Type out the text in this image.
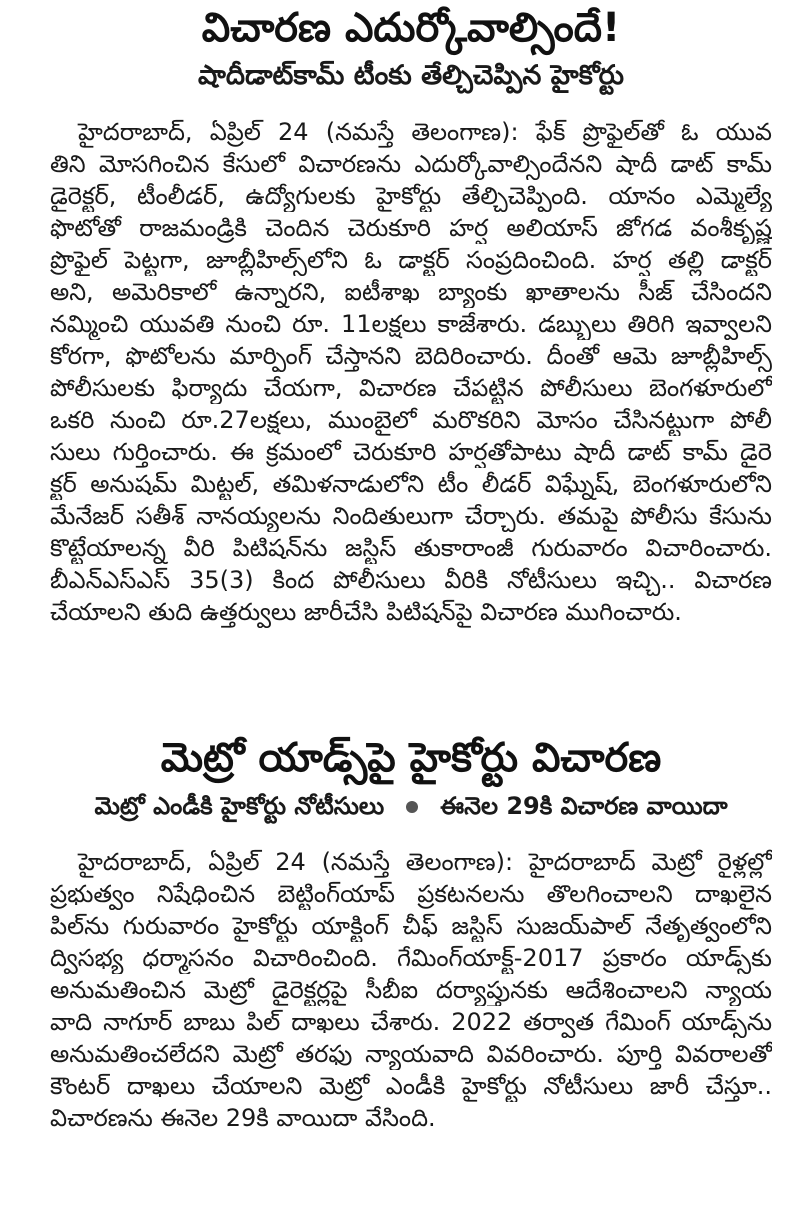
విచారణ ఎదుర్కోవాల్సిందే!
షాదీడాట్‌కామ్ టీంకు తేల్చిచెప్పిన హైకోర్టు
హైదరాబాద్, ఏప్రిల్ 24 (నమస్తే తెలంగాణ): ఫేక్ ప్రొఫైల్‌తో ఓ యువ
తిని మోసగించిన కేసులో విచారణను ఎదుర్కోవాల్సిందేనని షాదీ డాట్ కామ్
డైరెక్టర్, టీంలీడర్, ఉద్యోగులకు హైకోర్టు తేల్చిచెప్పింది. యానం ఎమ్మెల్యే
ఫొటోతో రాజమండ్రికి చెందిన చెరుకూరి హర్ష అలియాస్ జోగడ వంశీకృష్ణ
ప్రొఫైల్ పెట్టగా, జూబ్లీహిల్స్‌లోని ఓ డాక్టర్ సంప్రదించింది. హర్ష తల్లి డాక్టర్
అని, అమెరికాలో ఉన్నారని, ఐటీశాఖ బ్యాంకు ఖాతాలను సీజ్ చేసిందని
నమ్మించి యువతి నుంచి రూ. 11లక్షలు కాజేశారు. డబ్బులు తిరిగి ఇవ్వాలని
కోరగా, ఫొటోలను మార్ఫింగ్ చేస్తానని బెదిరించారు. దీంతో ఆమె జూబ్లీహిల్స్
పోలీసులకు ఫిర్యాదు చేయగా, విచారణ చేపట్టిన పోలీసులు బెంగళూరులో
ఒకరి నుంచి రూ.27లక్షలు, ముంబైలో మరొకరిని మోసం చేసినట్టుగా పోలీ
సులు గుర్తించారు. ఈ క్రమంలో చెరుకూరి హర్షతోపాటు షాదీ డాట్ కామ్ డైరె
క్టర్ అనుషమ్ మిట్టల్, తమిళనాడులోని టీం లీడర్ విఘ్నేష్, బెంగళూరులోని
మేనేజర్ సతీశ్ నానయ్యలను నిందితులుగా చేర్చారు. తమపై పోలీసు కేసును
కొట్టేయాలన్న వీరి పిటిషన్‌ను జస్టిస్ తుకారాంజీ గురువారం విచారించారు.
బీఎన్ఎస్ఎస్ 35(3) కింద పోలీసులు వీరికి నోటీసులు ఇచ్చి.. విచారణ
చేయాలని తుది ఉత్తర్వులు జారీచేసి పిటిషన్‌పై విచారణ ముగించారు.
మెట్రో యాడ్స్‌పై హైకోర్టు విచారణ
మెట్రో ఎండీకి హైకోర్టు నోటీసులు ఈనెల 29కి విచారణ వాయిదా
హైదరాబాద్, ఏప్రిల్ 24 (నమస్తే తెలంగాణ): హైదరాబాద్ మెట్రో రైళ్లల్లో
ప్రభుత్వం నిషేధించిన బెట్టింగ్‌యాప్ ప్రకటనలను తొలగించాలని దాఖలైన
పిల్‌ను గురువారం హైకోర్టు యాక్టింగ్ చీఫ్ జస్టిస్ సుజయ్‌పాల్ నేతృత్వంలోని
ద్విసభ్య ధర్మాసనం విచారించింది. గేమింగ్‌యాక్ట్-2017 ప్రకారం యాడ్స్‌కు
అనుమతించిన మెట్రో డైరెక్టర్లపై సీబీఐ దర్యాప్తునకు ఆదేశించాలని న్యాయ
వాది నాగూర్ బాబు పిల్ దాఖలు చేశారు. 2022 తర్వాత గేమింగ్ యాడ్స్‌ను
అనుమతించలేదని మెట్రో తరఫు న్యాయవాది వివరించారు. పూర్తి వివరాలతో
కౌంటర్ దాఖలు చేయాలని మెట్రో ఎండీకి హైకోర్టు నోటీసులు జారీ చేస్తూ..
విచారణను ఈనెల 29కి వాయిదా వేసింది.
